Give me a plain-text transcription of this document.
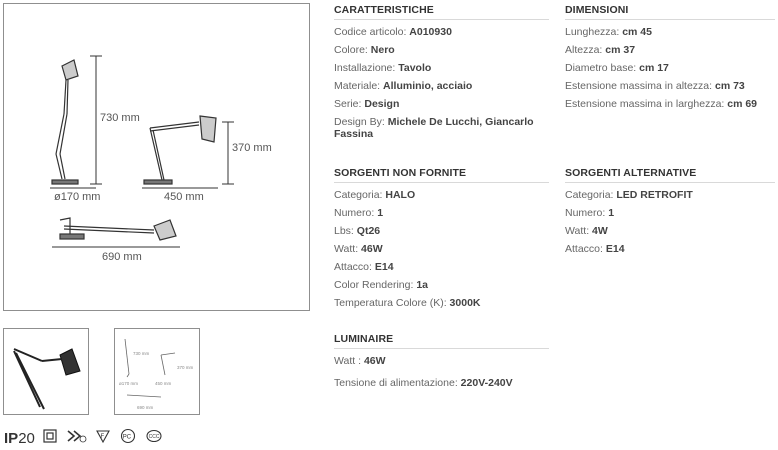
730 mm
370 mm
ø170 mm	450 mm
690 mm
730 mm
370 mm
ø170 mm	450 mm
690 mm
IP20	F	PC	CCC
CARATTERISTICHE
Codice articolo: A010930
Colore: Nero
Installazione: Tavolo
Materiale: Alluminio, acciaio
Serie: Design
Design By: Michele De Lucchi, Giancarlo Fassina
DIMENSIONI
Lunghezza: cm 45
Altezza: cm 37
Diametro base: cm 17
Estensione massima in altezza: cm 73
Estensione massima in larghezza: cm 69
SORGENTI NON FORNITE
Categoria: HALO
Numero: 1
Lbs: Qt26
Watt: 46W
Attacco: E14
Color Rendering: 1a
Temperatura Colore (K): 3000K
SORGENTI ALTERNATIVE
Categoria: LED RETROFIT
Numero: 1
Watt: 4W
Attacco: E14
LUMINAIRE
Watt : 46W
Tensione di alimentazione: 220V-240V
